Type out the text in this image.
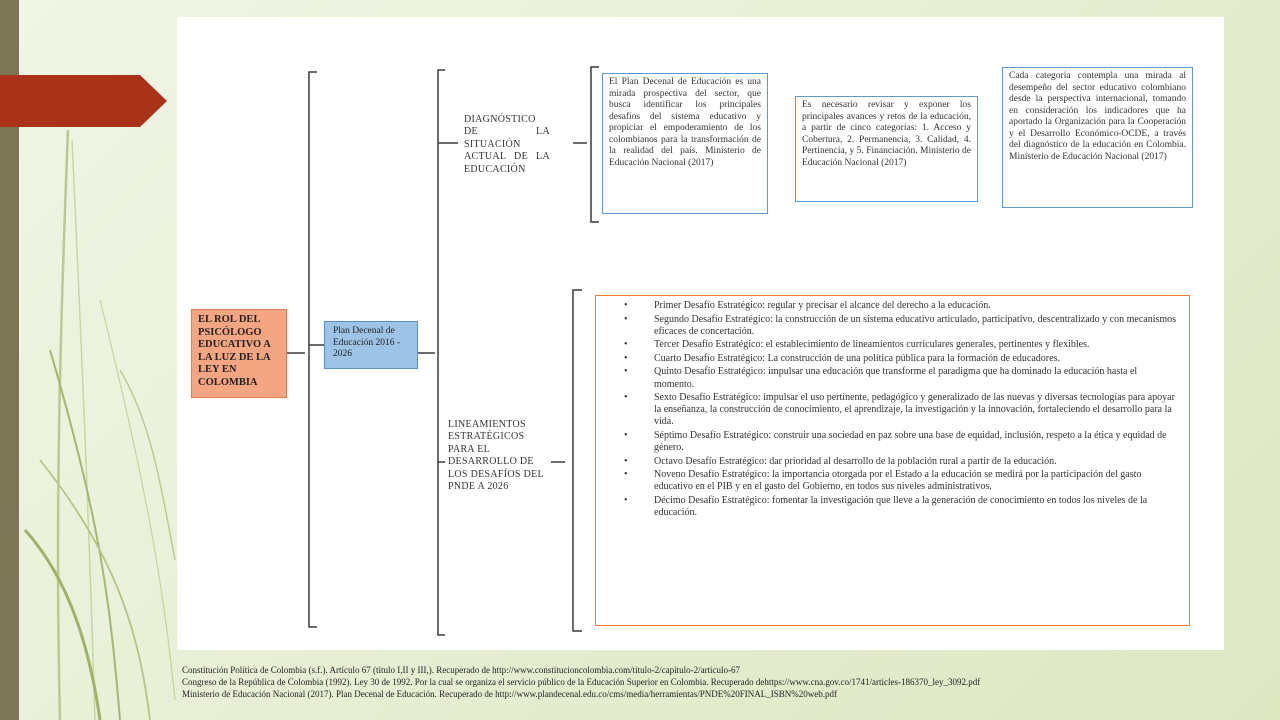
EL ROL DEL PSICÓLOGO EDUCATIVO A LA LUZ DE LA LEY EN COLOMBIA
Plan Decenal de Educación 2016 - 2026
DIAGNÓSTICO DE LA SITUACIÓN ACTUAL DE LA EDUCACIÓN
LINEAMIENTOS ESTRATÉGICOS PARA EL DESARROLLO DE LOS DESAFÍOS DEL PNDE A 2026
El Plan Decenal de Educación es una mirada prospectiva del sector, que busca identificar los principales desafíos del sistema educativo y propiciar el empoderamiento de los colombianos para la transformación de la realidad del país. Ministerio de Educación Nacional (2017)
Es necesario revisar y exponer los principales avances y retos de la educación, a partir de cinco categorías: 1. Acceso y Cobertura, 2. Permanencia, 3. Calidad, 4. Pertinencia, y 5. Financiación. Ministerio de Educación Nacional (2017)
Cada categoría contempla una mirada al desempeño del sector educativo colombiano desde la perspectiva internacional, tomando en consideración los indicadores que ha aportado la Organización para la Cooperación y el Desarrollo Económico-OCDE, a través del diagnóstico de la educación en Colombia. Ministerio de Educación Nacional (2017)
•	Primer Desafío Estratégico: regular y precisar el alcance del derecho a la educación.
•	Segundo Desafío Estratégico: la construcción de un sistema educativo articulado, participativo, descentralizado y con mecanismos eficaces de concertación.
•	Tercer Desafío Estratégico: el establecimiento de lineamientos curriculares generales, pertinentes y flexibles.
•	Cuarto Desafío Estratégico: La construcción de una política pública para la formación de educadores.
•	Quinto Desafío Estratégico: impulsar una educación que transforme el paradigma que ha dominado la educación hasta el momento.
•	Sexto Desafío Estratégico: impulsar el uso pertinente, pedagógico y generalizado de las nuevas y diversas tecnologías para apoyar la enseñanza, la construcción de conocimiento, el aprendizaje, la investigación y la innovación, fortaleciendo el desarrollo para la vida.
•	Séptimo Desafío Estratégico: construir una sociedad en paz sobre una base de equidad, inclusión, respeto a la ética y equidad de género.
•	Octavo Desafío Estratégico: dar prioridad al desarrollo de la población rural a partir de la educación.
•	Noveno Desafío Estratégico: la importancia otorgada por el Estado a la educación se medirá por la participación del gasto educativo en el PIB y en el gasto del Gobierno, en todos sus niveles administrativos.
•	Décimo Desafío Estratégico: fomentar la investigación que lleve a la generación de conocimiento en todos los niveles de la educación.
Constitución Política de Colombia (s.f.). Artículo 67 (titulo I,II y III,). Recuperado de http://www.constitucioncolombia.com/titulo-2/capitulo-2/articulo-67
Congreso de la República de Colombia (1992). Ley 30 de 1992. Por la cual se organiza el servicio público de la Educación Superior en Colombia. Recuperado dehttps://www.cna.gov.co/1741/articles-186370_ley_3092.pdf
Ministerio de Educación Nacional (2017). Plan Decenal de Educación. Recuperado de http://www.plandecenal.edu.co/cms/media/herramientas/PNDE%20FINAL_ISBN%20web.pdf
